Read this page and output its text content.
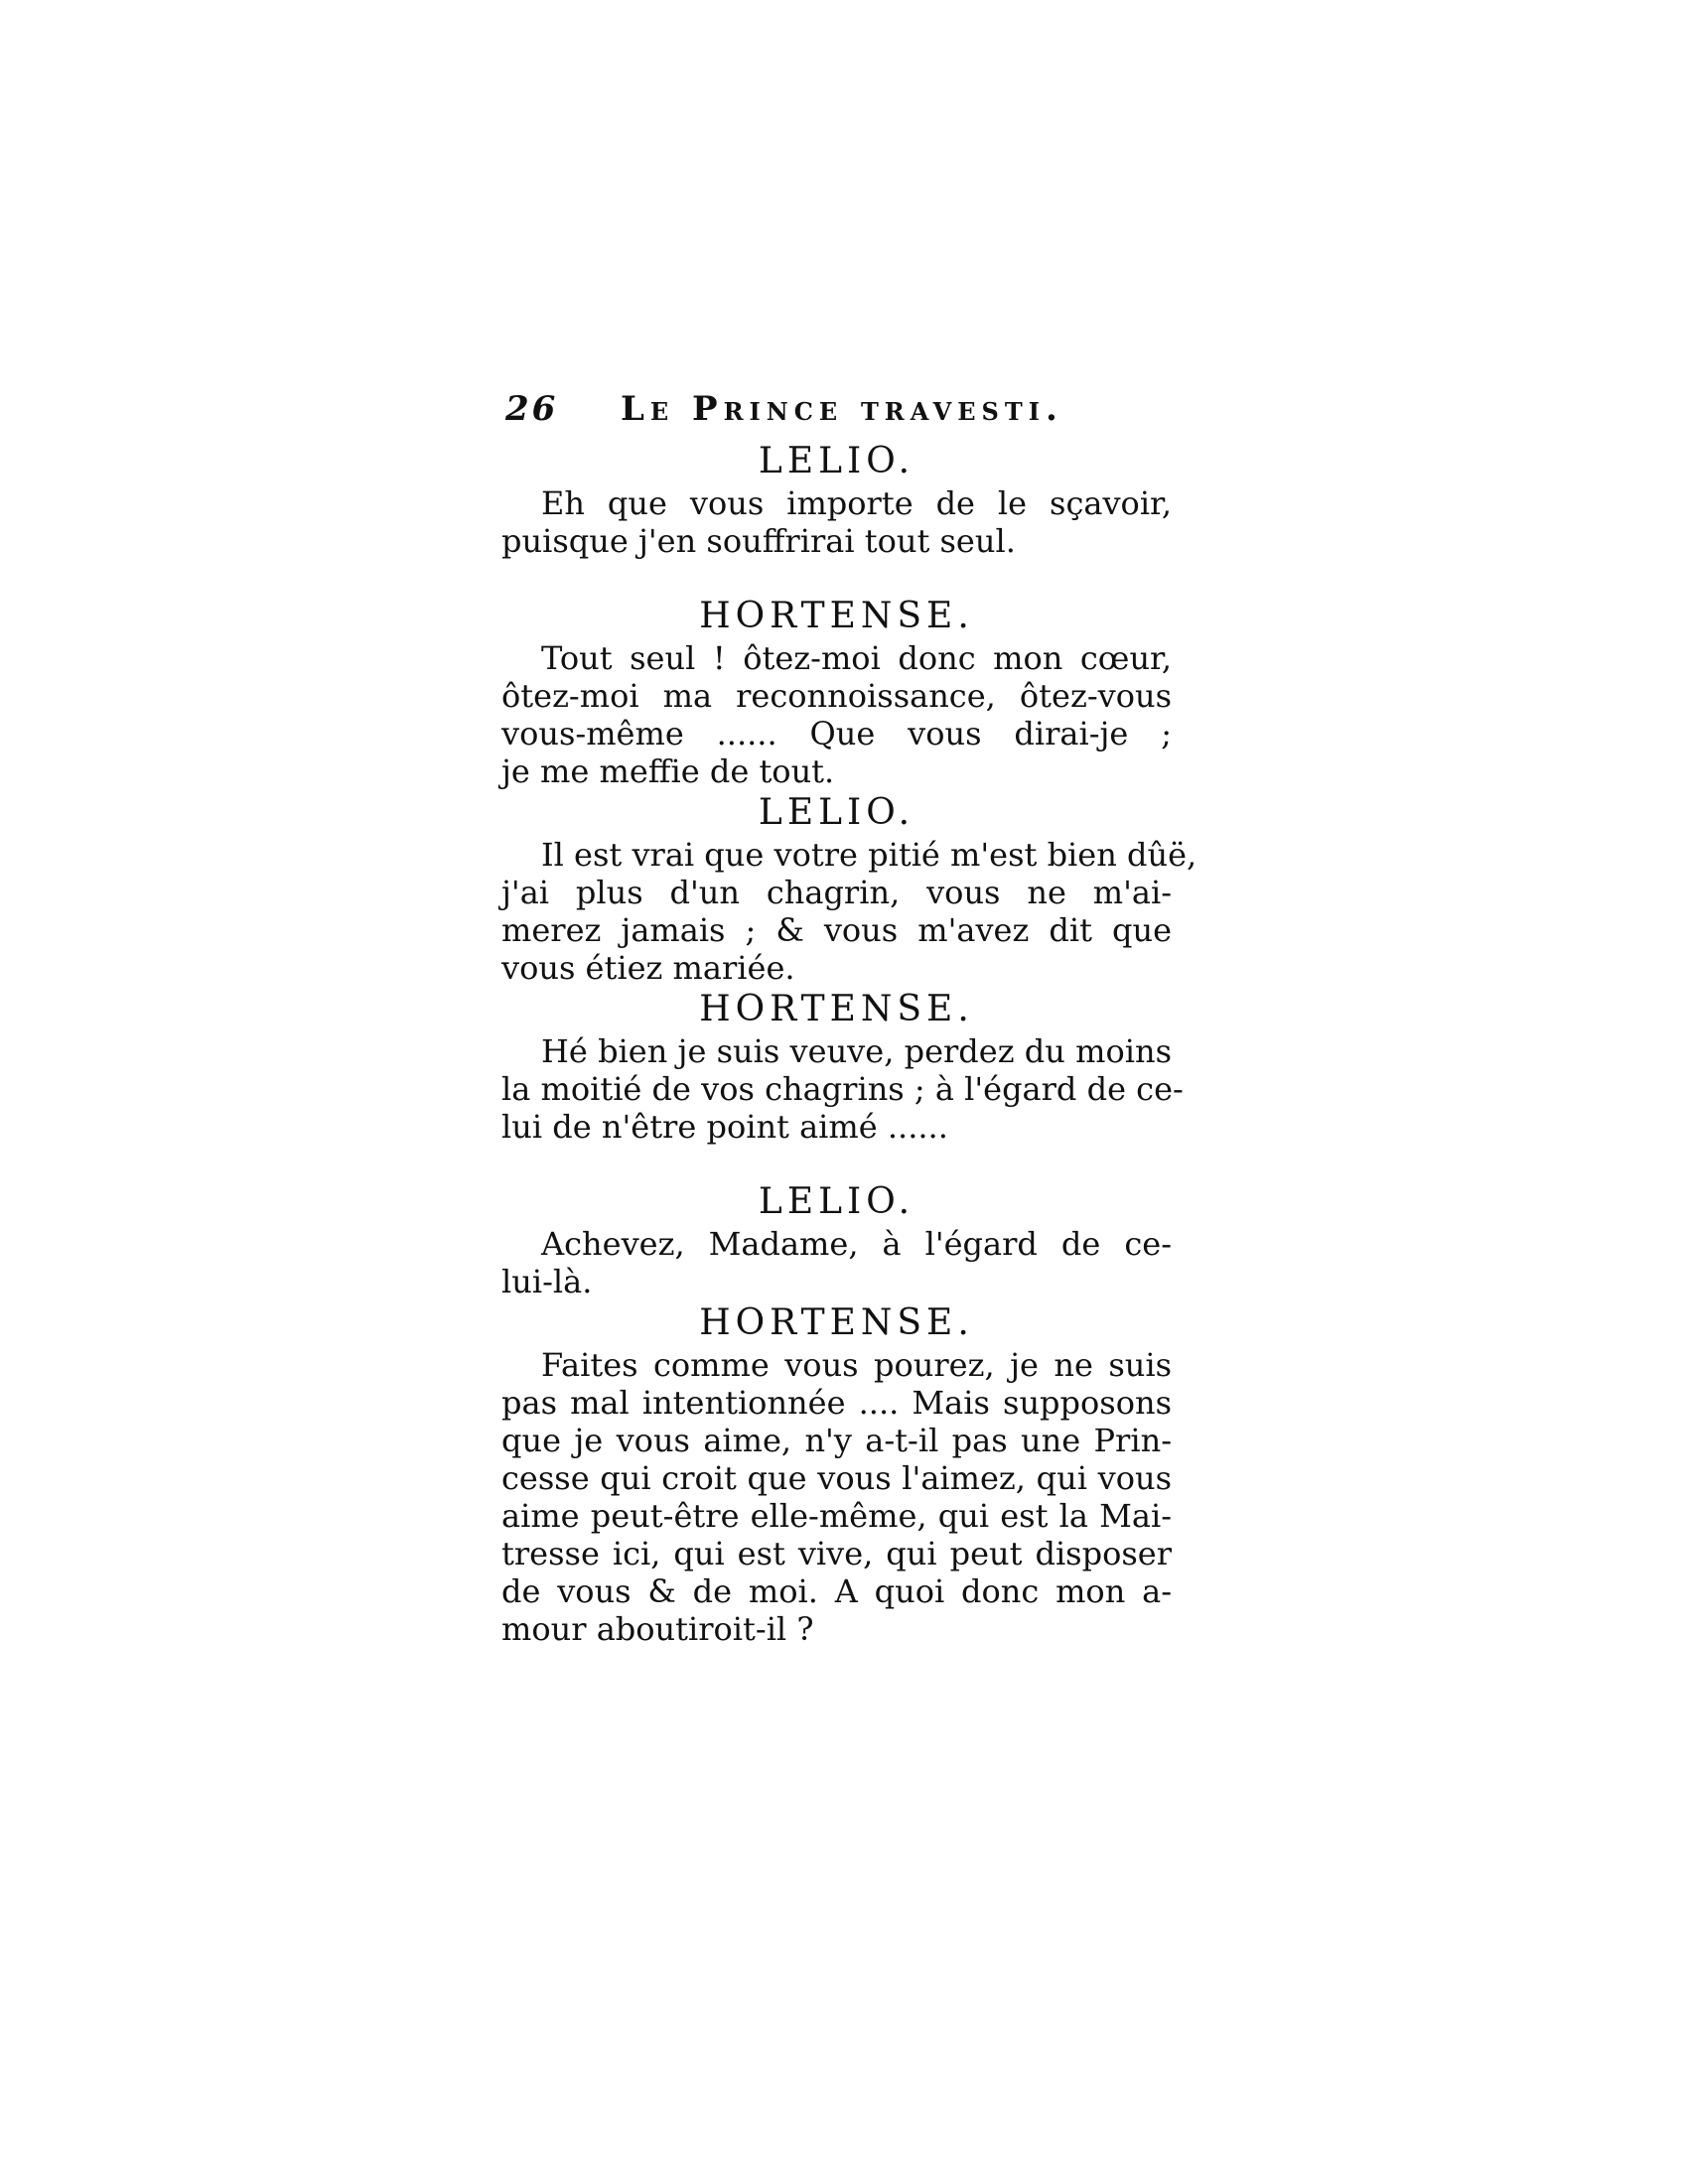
26 Le Prince travesti.
LELIO.
Eh que vous importe de le sçavoir,
puisque j'en souffrirai tout seul.
HORTENSE.
Tout seul ! ôtez-moi donc mon cœur,
ôtez-moi ma reconnoissance, ôtez-vous
vous-même ...... Que vous dirai-je ;
je me meffie de tout.
LELIO.
Il est vrai que votre pitié m'est bien dûë,
j'ai plus d'un chagrin, vous ne m'ai-
merez jamais ; & vous m'avez dit que
vous étiez mariée.
HORTENSE.
Hé bien je suis veuve, perdez du moins
la moitié de vos chagrins ; à l'égard de ce-
lui de n'être point aimé ......
LELIO.
Achevez, Madame, à l'égard de ce-
lui-là.
HORTENSE.
Faites comme vous pourez, je ne suis
pas mal intentionnée .... Mais supposons
que je vous aime, n'y a-t-il pas une Prin-
cesse qui croit que vous l'aimez, qui vous
aime peut-être elle-même, qui est la Mai-
tresse ici, qui est vive, qui peut disposer
de vous & de moi. A quoi donc mon a-
mour aboutiroit-il ?
